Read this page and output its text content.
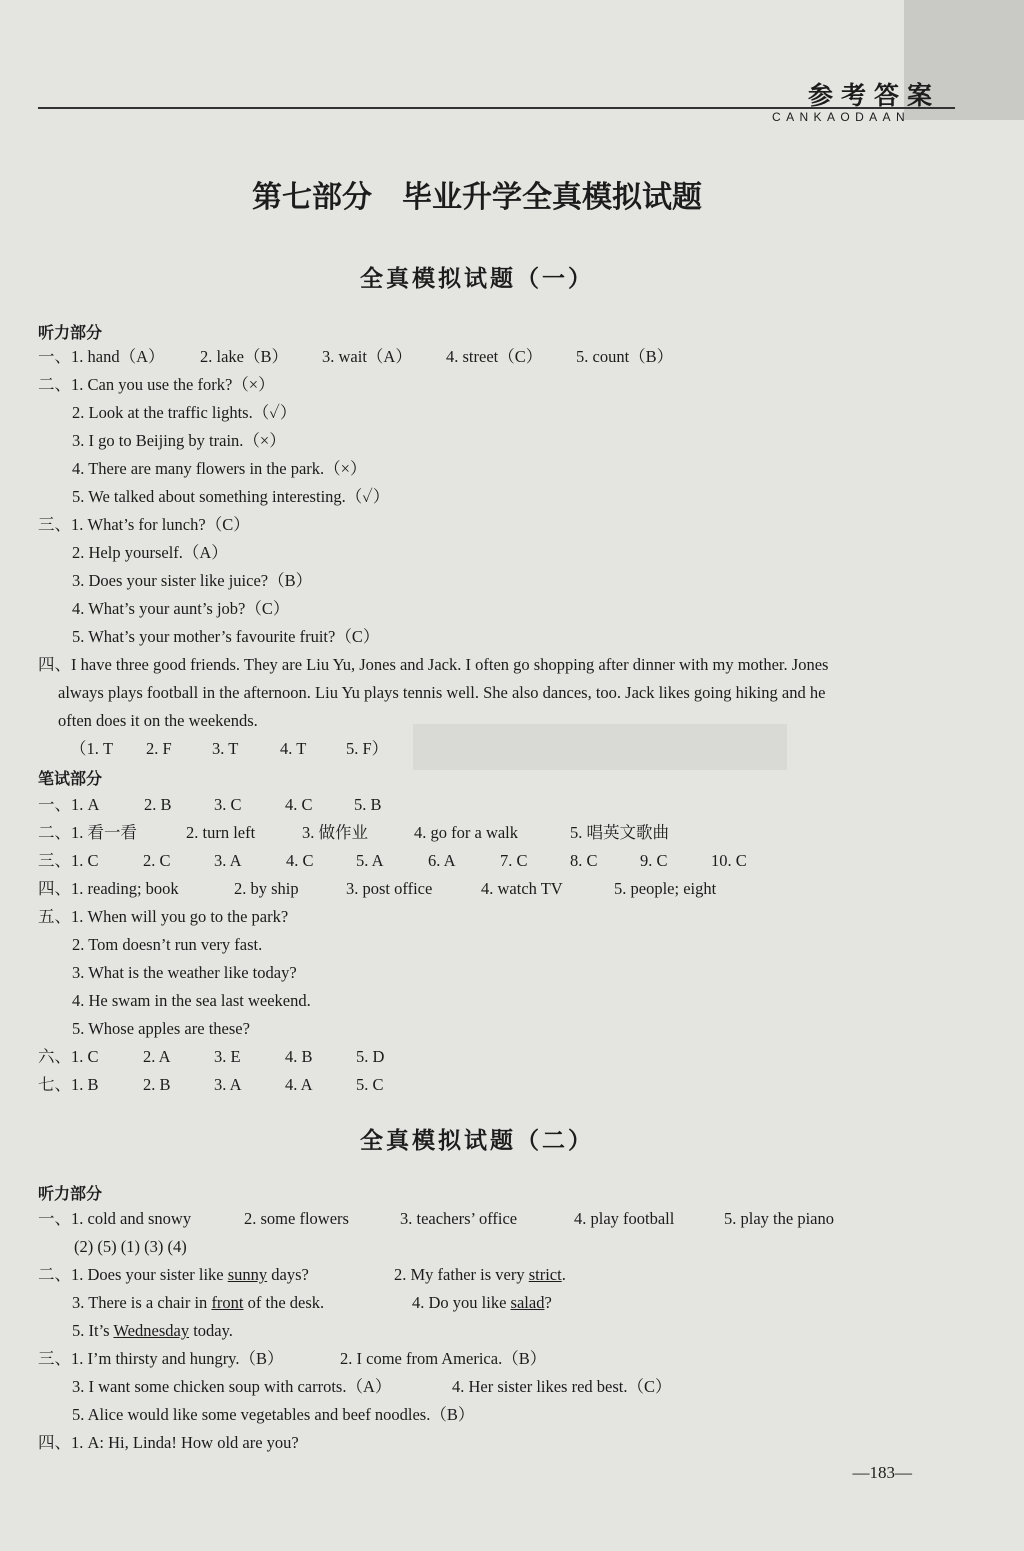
参考答案
CANKAODAAN
第七部分　毕业升学全真模拟试题
全真模拟试题（一）
听力部分
一、1. hand（A） 2. lake（B） 3. wait（A） 4. street（C） 5. count（B）
二、1. Can you use the fork?（×）
2. Look at the traffic lights.（✓）
3. I go to Beijing by train.（×）
4. There are many flowers in the park.（×）
5. We talked about something interesting.（✓）
三、1. What’s for lunch?（C）
2. Help yourself.（A）
3. Does your sister like juice?（B）
4. What’s your aunt’s job?（C）
5. What’s your mother’s favourite fruit?（C）
四、I have three good friends. They are Liu Yu, Jones and Jack. I often go shopping after dinner with my mother. Jones
always plays football in the afternoon. Liu Yu plays tennis well. She also dances, too. Jack likes going hiking and he
often does it on the weekends.
（1. T 2. F 3. T	4. T 5. F）
笔试部分
一、1. A	2. B	3. C	4. C	5. B
二、1. 看一看	2. turn left	3. 做作业	4. go for a walk	5. 唱英文歌曲
三、1. C	2. C	3. A	4. C	5. A	6. A	7. C	8. C	9. C	10. C
四、1. reading; book	2. by ship	3. post office	4. watch TV	5. people; eight
五、1. When will you go to the park?
2. Tom doesn’t run very fast.
3. What is the weather like today?
4. He swam in the sea last weekend.
5. Whose apples are these?
六、1. C	2. A	3. E	4. B	5. D
七、1. B	2. B	3. A	4. A	5. C
全真模拟试题（二）
听力部分
一、1. cold and snowy	2. some flowers	3. teachers’ office	4. play football	5. play the piano
(2) (5) (1) (3) (4)
二、1. Does your sister like sunny days?	2. My father is very strict.
3. There is a chair in front of the desk.	4. Do you like salad?
5. It’s Wednesday today.
三、1. I’m thirsty and hungry.（B）	2. I come from America.（B）
3. I want some chicken soup with carrots.（A）	4. Her sister likes red best.（C）
5. Alice would like some vegetables and beef noodles.（B）
四、1. A: Hi, Linda! How old are you?
—183—
